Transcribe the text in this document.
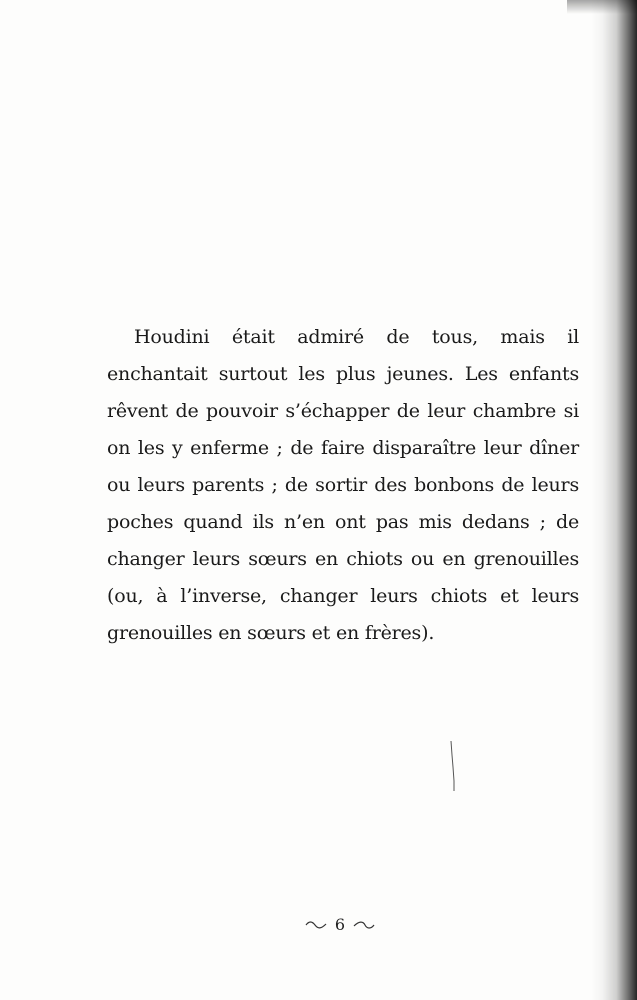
Houdini était admiré de tous, mais il enchantait surtout les plus jeunes. Les enfants rêvent de pouvoir s’échapper de leur chambre si on les y enferme ; de faire disparaître leur dîner ou leurs parents ; de sortir des bonbons de leurs poches quand ils n’en ont pas mis dedans ; de changer leurs sœurs en chiots ou en grenouilles (ou, à l’inverse, changer leurs chiots et leurs grenouilles en sœurs et en frères).

6
